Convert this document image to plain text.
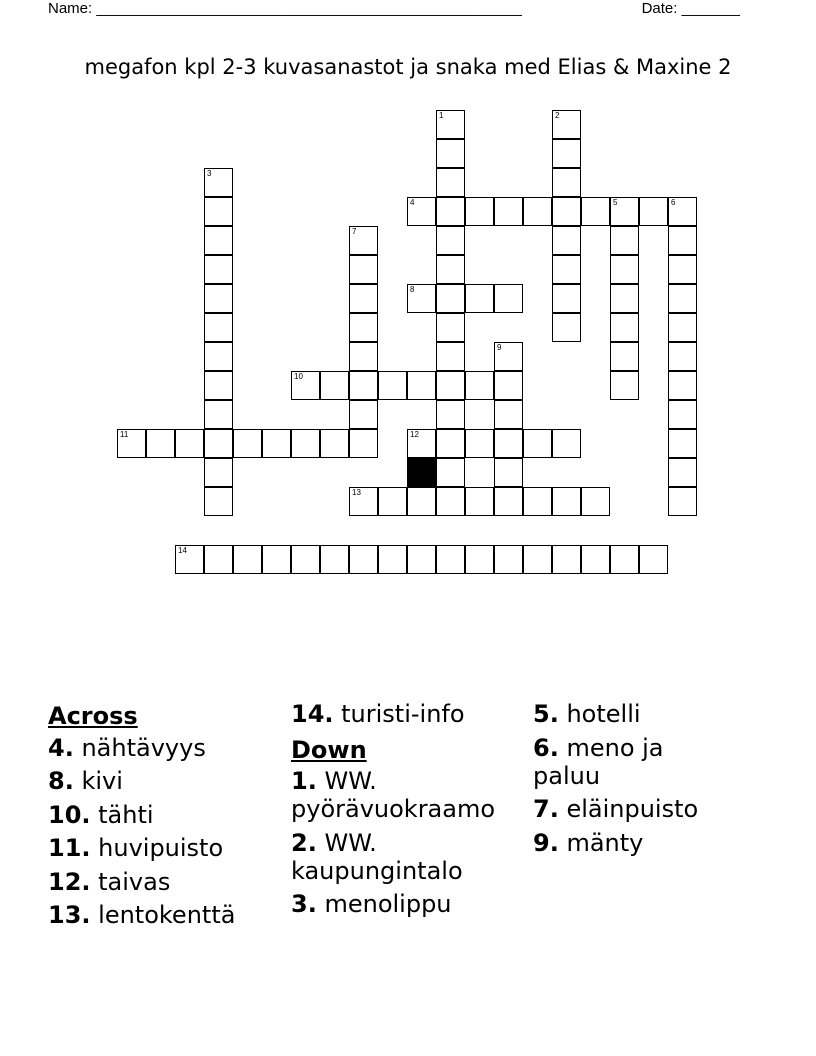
Name: ___________________________________________________	Date: _______
megafon kpl 2-3 kuvasanastot ja snaka med Elias & Maxine 2
1	2
3
4	5	6
7
8
9
10
11	12
13
14
Across
4. nähtävyys
8. kivi
10. tähti
11. huvipuisto
12. taivas
13. lentokenttä
14. turisti-info
Down
1. WW. pyörävuokraamo
2. WW. kaupungintalo
3. menolippu
5. hotelli
6. meno ja paluu
7. eläinpuisto
9. mänty
